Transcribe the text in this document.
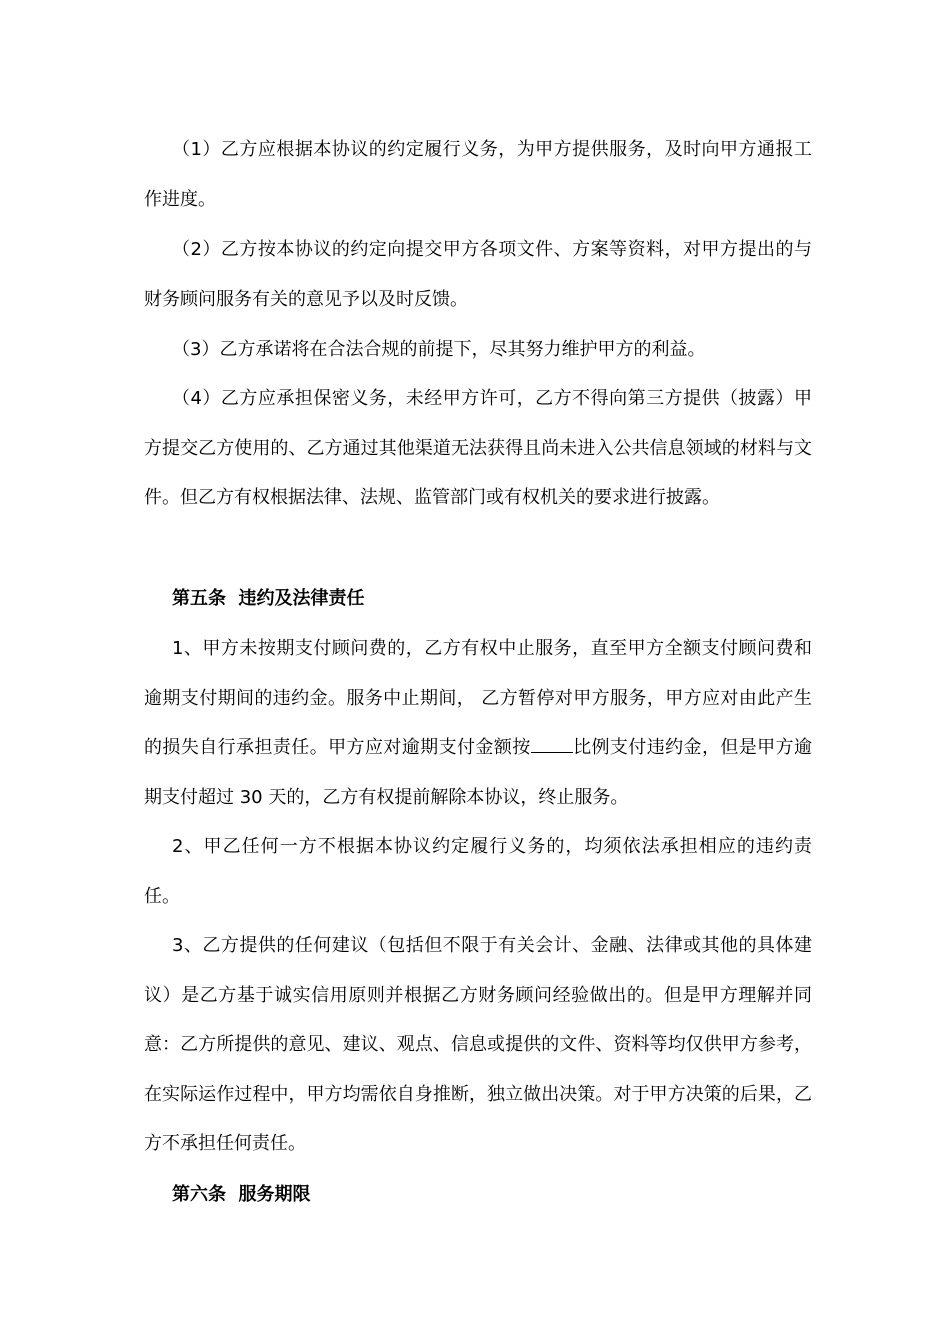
（1）乙方应根据本协议的约定履行义务，为甲方提供服务，及时向甲方通报工作进度。

（2）乙方按本协议的约定向提交甲方各项文件、方案等资料，对甲方提出的与财务顾问服务有关的意见予以及时反馈。

（3）乙方承诺将在合法合规的前提下，尽其努力维护甲方的利益。

（4）乙方应承担保密义务，未经甲方许可，乙方不得向第三方提供（披露）甲方提交乙方使用的、乙方通过其他渠道无法获得且尚未进入公共信息领域的材料与文件。但乙方有权根据法律、法规、监管部门或有权机关的要求进行披露。

第五条  违约及法律责任

1、甲方未按期支付顾问费的，乙方有权中止服务，直至甲方全额支付顾问费和逾期支付期间的违约金。服务中止期间， 乙方暂停对甲方服务，甲方应对由此产生的损失自行承担责任。甲方应对逾期支付金额按 比例支付违约金，但是甲方逾期支付超过 30 天的，乙方有权提前解除本协议，终止服务。

2、甲乙任何一方不根据本协议约定履行义务的，均须依法承担相应的违约责任。

3、乙方提供的任何建议（包括但不限于有关会计、金融、法律或其他的具体建议）是乙方基于诚实信用原则并根据乙方财务顾问经验做出的。但是甲方理解并同意：乙方所提供的意见、建议、观点、信息或提供的文件、资料等均仅供甲方参考，在实际运作过程中，甲方均需依自身推断，独立做出决策。对于甲方决策的后果，乙方不承担任何责任。

第六条  服务期限
